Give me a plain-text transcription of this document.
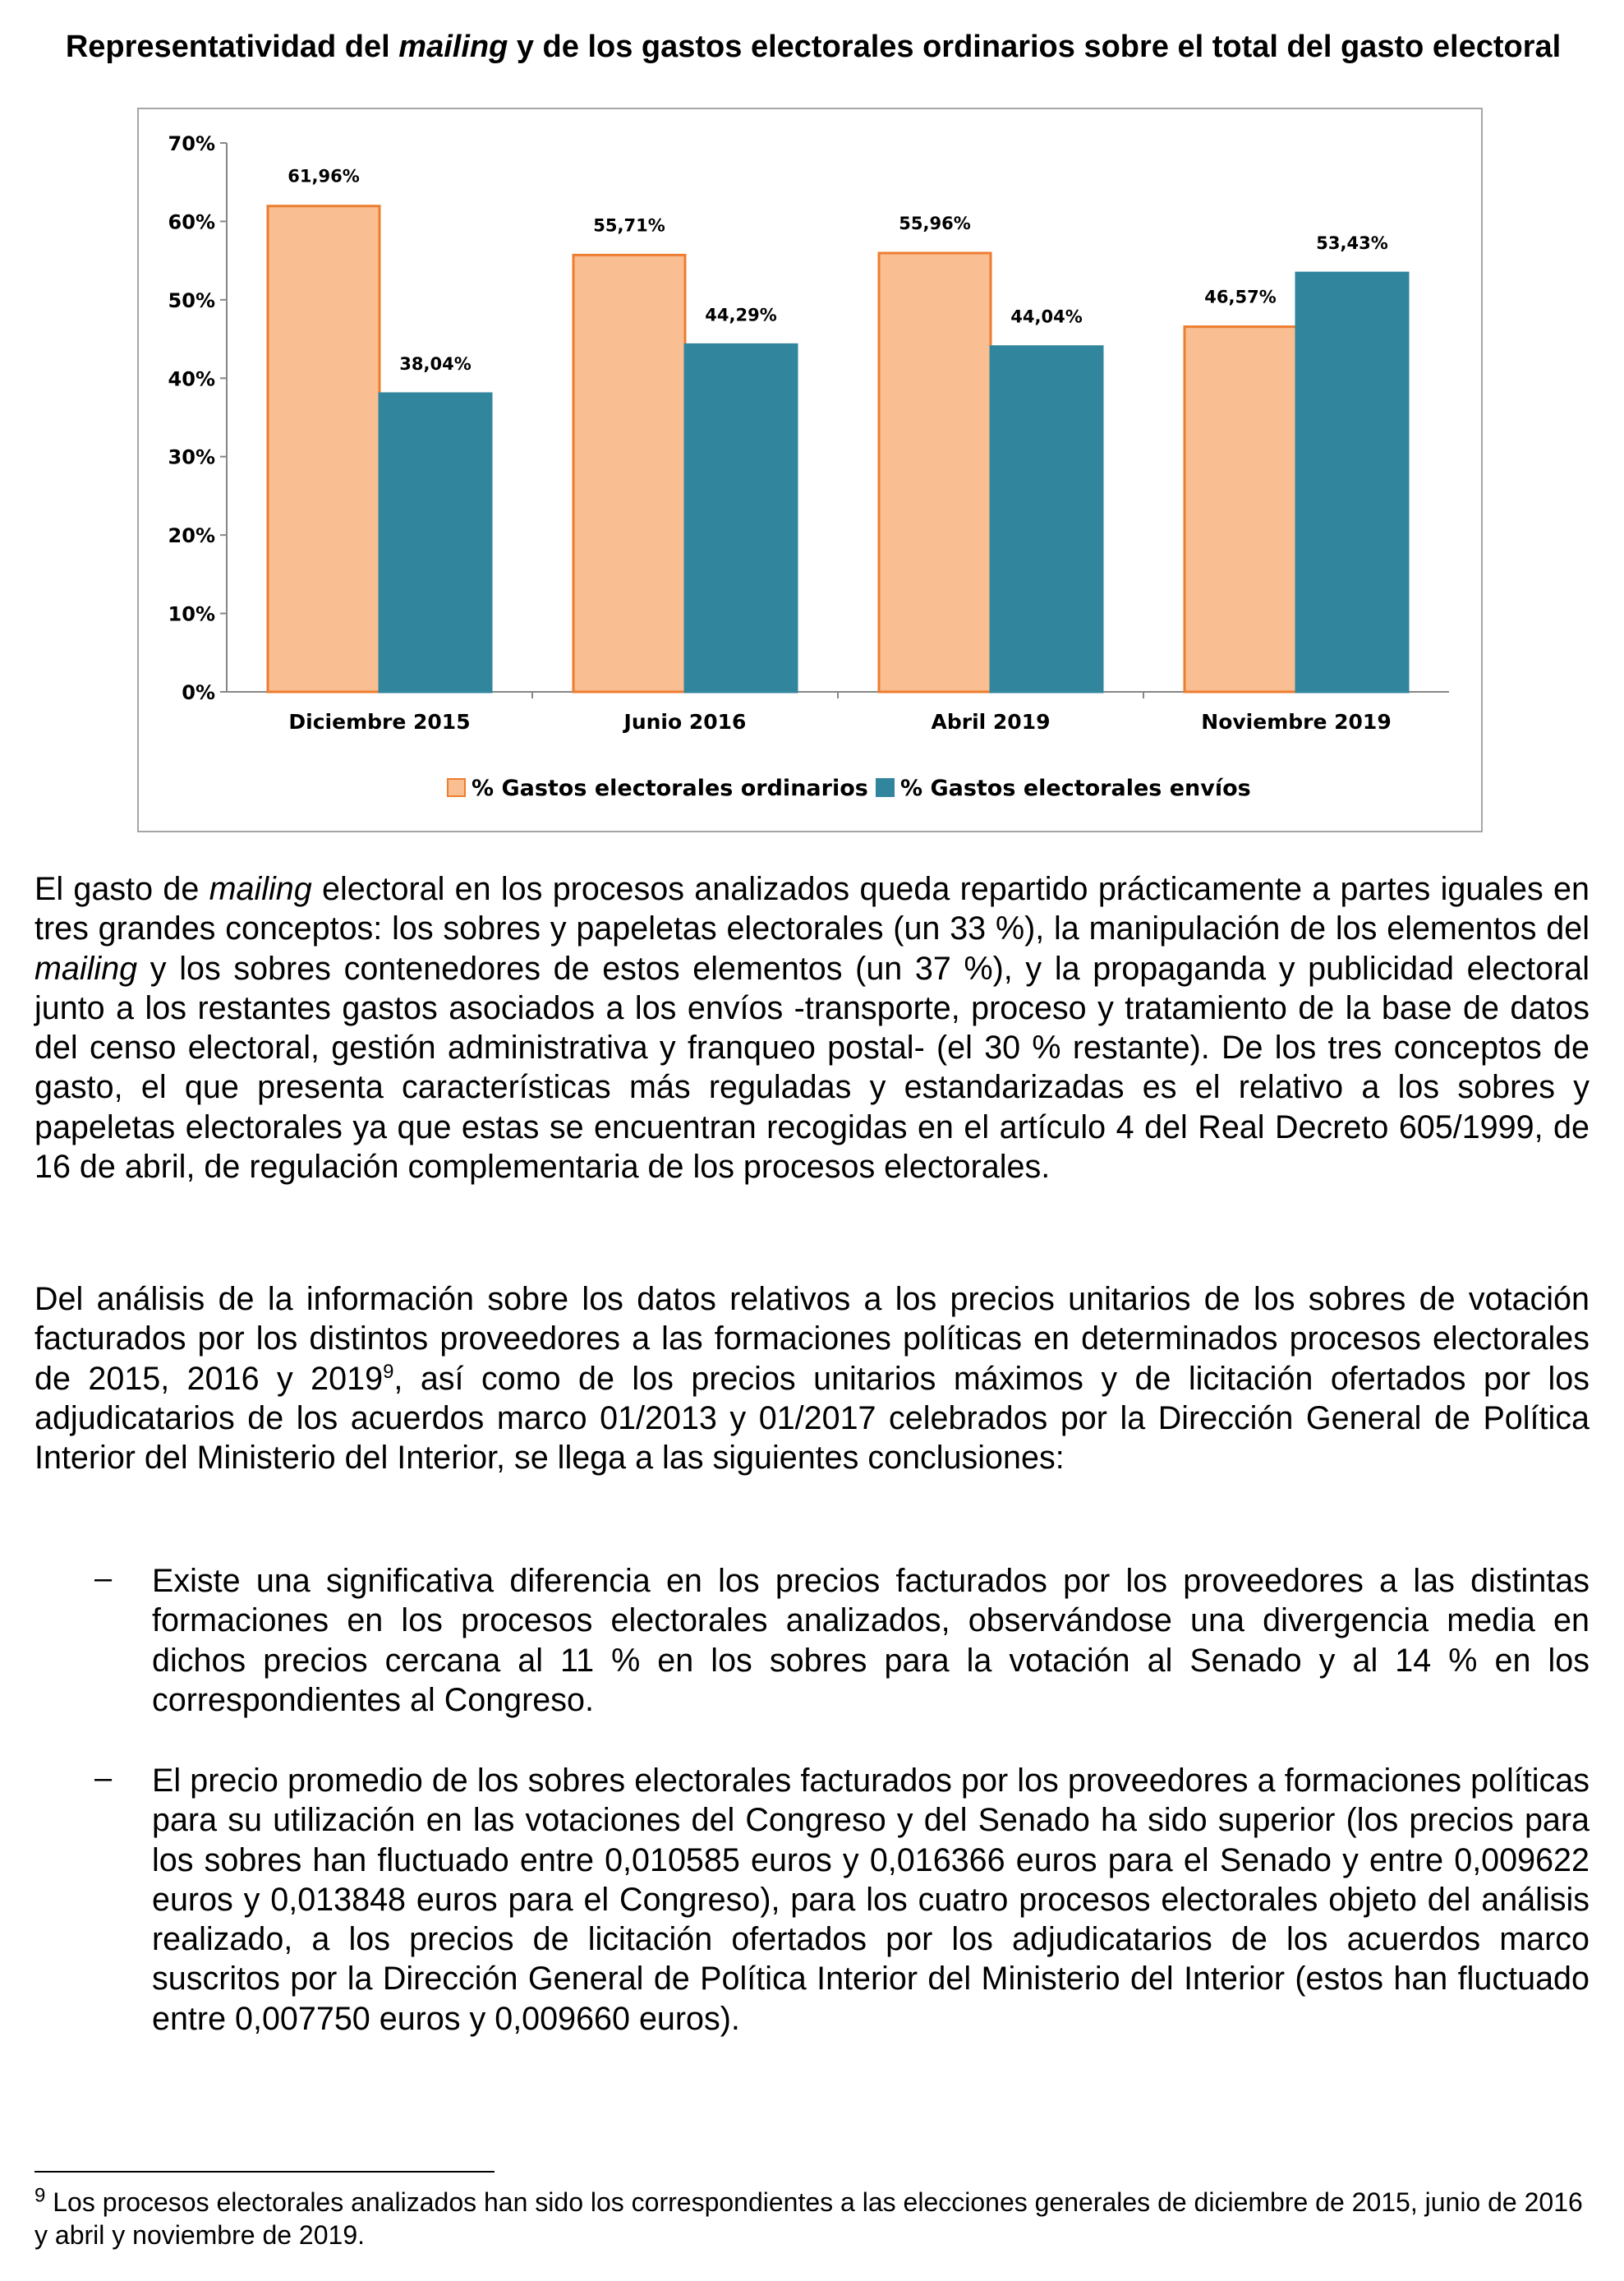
Representatividad del mailing y de los gastos electorales ordinarios sobre el total del gasto electoral
0%
10%
20%
30%
40%
50%
60%
70%
61,96%
38,04%
Diciembre 2015
55,71%
44,29%
Junio 2016
55,96%
44,04%
Abril 2019
46,57%
53,43%
Noviembre 2019
% Gastos electorales ordinarios % Gastos electorales envíos

El gasto de mailing electoral en los procesos analizados queda repartido prácticamente a partes iguales en tres grandes conceptos: los sobres y papeletas electorales (un 33 %), la manipulación de los elementos del mailing y los sobres contenedores de estos elementos (un 37 %), y la propaganda y publicidad electoral junto a los restantes gastos asociados a los envíos -transporte, proceso y tratamiento de la base de datos del censo electoral, gestión administrativa y franqueo postal- (el 30 % restante). De los tres conceptos de gasto, el que presenta características más reguladas y estandarizadas es el relativo a los sobres y papeletas electorales ya que estas se encuentran recogidas en el artículo 4 del Real Decreto 605/1999, de 16 de abril, de regulación complementaria de los procesos electorales.

Del análisis de la información sobre los datos relativos a los precios unitarios de los sobres de votación facturados por los distintos proveedores a las formaciones políticas en determinados procesos electorales de 2015, 2016 y 2019$^9$, así como de los precios unitarios máximos y de licitación ofertados por los adjudicatarios de los acuerdos marco 01/2013 y 01/2017 celebrados por la Dirección General de Política Interior del Ministerio del Interior, se llega a las siguientes conclusiones:

– Existe una significativa diferencia en los precios facturados por los proveedores a las distintas formaciones en los procesos electorales analizados, observándose una divergencia media en dichos precios cercana al 11 % en los sobres para la votación al Senado y al 14 % en los correspondientes al Congreso.

– El precio promedio de los sobres electorales facturados por los proveedores a formaciones políticas para su utilización en las votaciones del Congreso y del Senado ha sido superior (los precios para los sobres han fluctuado entre 0,010585 euros y 0,016366 euros para el Senado y entre 0,009622 euros y 0,013848 euros para el Congreso), para los cuatro procesos electorales objeto del análisis realizado, a los precios de licitación ofertados por los adjudicatarios de los acuerdos marco suscritos por la Dirección General de Política Interior del Ministerio del Interior (estos han fluctuado entre 0,007750 euros y 0,009660 euros).

$^9$ Los procesos electorales analizados han sido los correspondientes a las elecciones generales de diciembre de 2015, junio de 2016 y abril y noviembre de 2019.
